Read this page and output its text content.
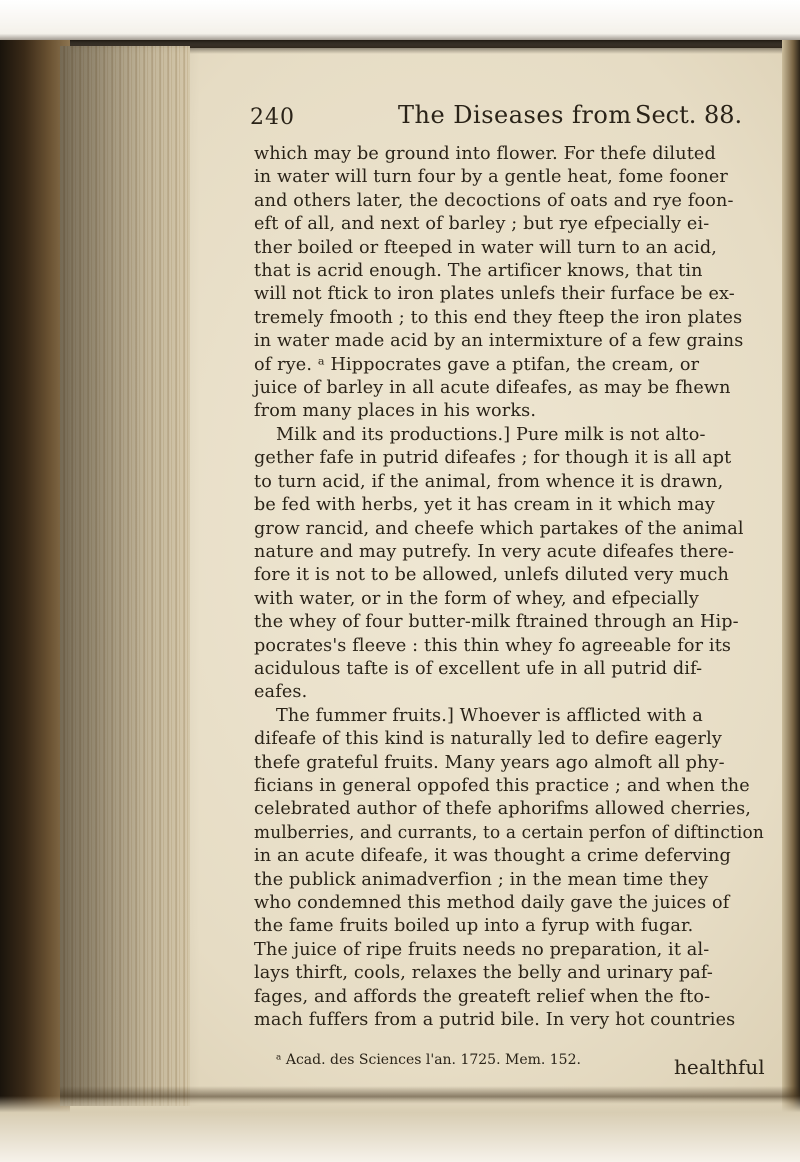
240	The Diseases from Sect. 88.
which may be ground into flower. For thefe diluted
in water will turn four by a gentle heat, fome fooner
and others later, the decoctions of oats and rye foon-
eft of all, and next of barley ; but rye efpecially ei-
ther boiled or fteeped in water will turn to an acid,
that is acrid enough. The artificer knows, that tin
will not ftick to iron plates unlefs their furface be ex-
tremely fmooth ; to this end they fteep the iron plates
in water made acid by an intermixture of a few grains
of rye. ᵃ Hippocrates gave a ptifan, the cream, or
juice of barley in all acute difeafes, as may be fhewn
from many places in his works.
Milk and its productions.] Pure milk is not alto-
gether fafe in putrid difeafes ; for though it is all apt
to turn acid, if the animal, from whence it is drawn,
be fed with herbs, yet it has cream in it which may
grow rancid, and cheefe which partakes of the animal
nature and may putrefy. In very acute difeafes there-
fore it is not to be allowed, unlefs diluted very much
with water, or in the form of whey, and efpecially
the whey of four butter-milk ftrained through an Hip-
pocrates's fleeve : this thin whey fo agreeable for its
acidulous tafte is of excellent ufe in all putrid dif-
eafes.
The fummer fruits.] Whoever is afflicted with a
difeafe of this kind is naturally led to defire eagerly
thefe grateful fruits. Many years ago almoft all phy-
ficians in general oppofed this practice ; and when the
celebrated author of thefe aphorifms allowed cherries,
mulberries, and currants, to a certain perfon of diftinction
in an acute difeafe, it was thought a crime deferving
the publick animadverfion ; in the mean time they
who condemned this method daily gave the juices of
the fame fruits boiled up into a fyrup with fugar.
The juice of ripe fruits needs no preparation, it al-
lays thirft, cools, relaxes the belly and urinary paf-
fages, and affords the greateft relief when the fto-
mach fuffers from a putrid bile. In very hot countries
ᵃ Acad. des Sciences l'an. 1725. Mem. 152.	healthful
